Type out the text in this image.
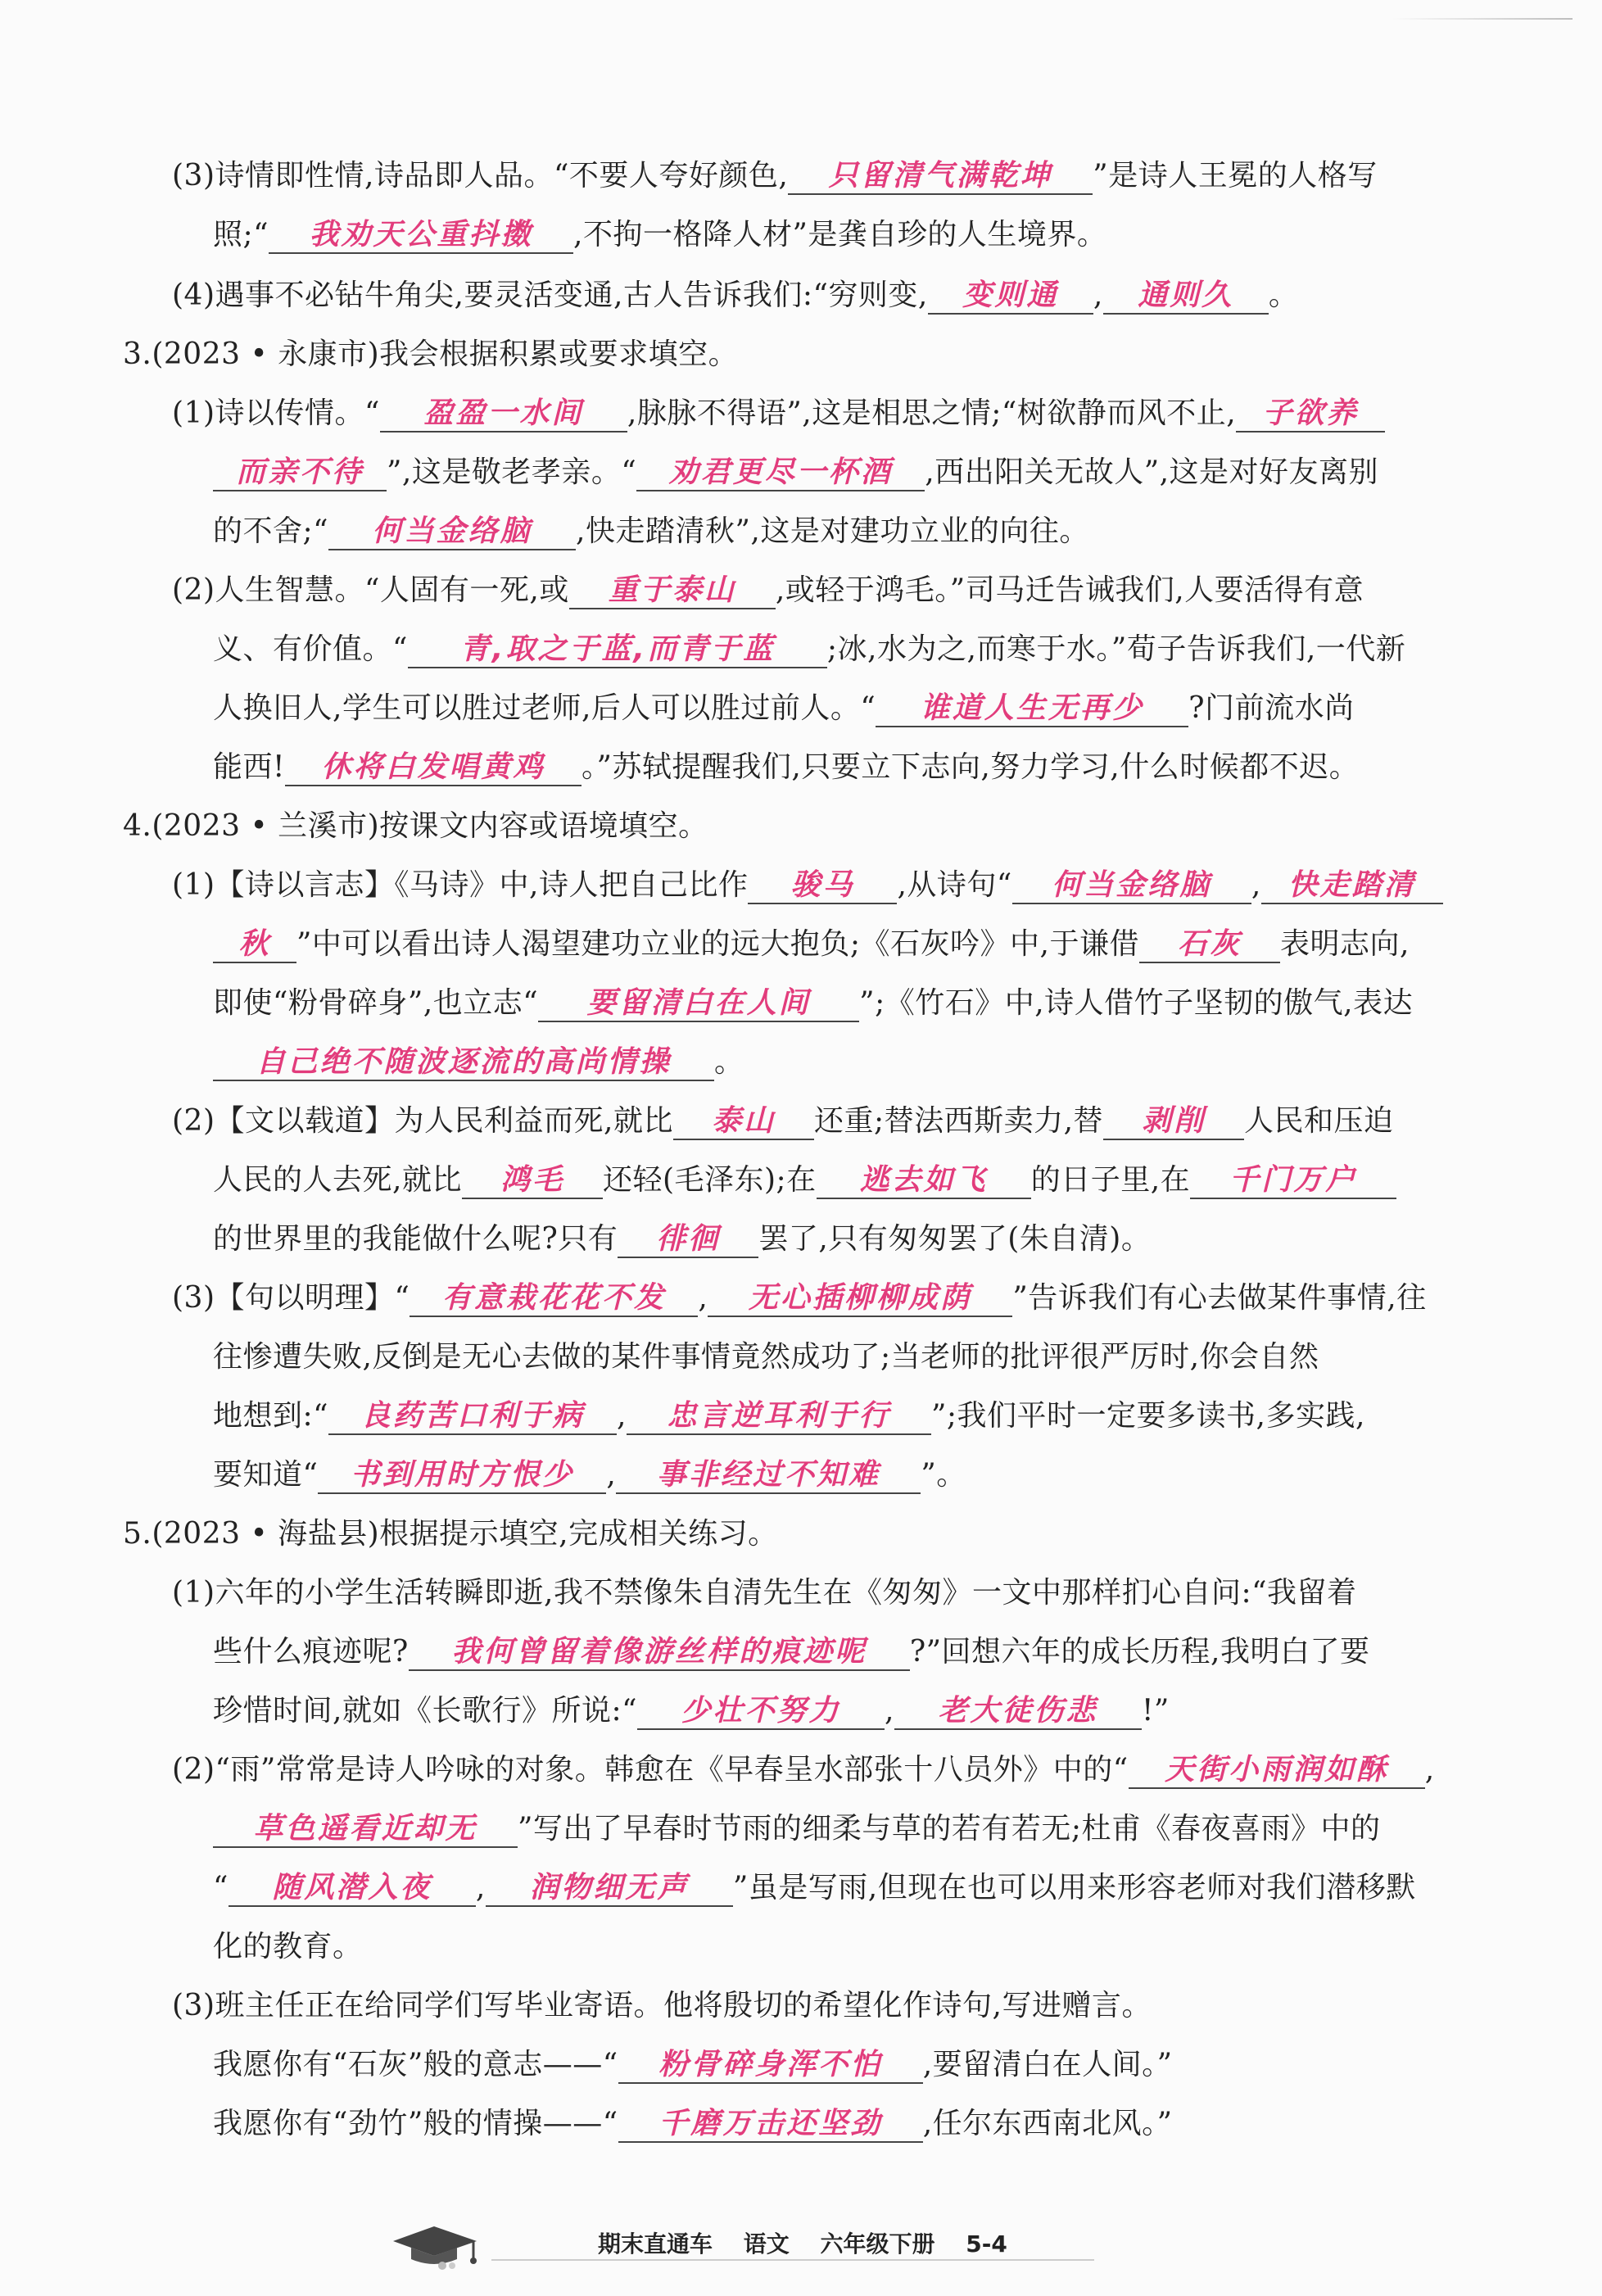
(3)诗情即性情,诗品即人品。“不要人夸好颜色, 只留清气满乾坤 ”是诗人王冕的人格写
照;“ 我劝天公重抖擞 ,不拘一格降人材”是龚自珍的人生境界。
(4)遇事不必钻牛角尖,要灵活变通,古人告诉我们:“穷则变, 变则通 , 通则久 。
3.(2023 • 永康市)我会根据积累或要求填空。
(1)诗以传情。“ 盈盈一水间 ,脉脉不得语”,这是相思之情;“树欲静而风不止, 子欲养
而亲不待 ”,这是敬老孝亲。“ 劝君更尽一杯酒 ,西出阳关无故人”,这是对好友离别
的不舍;“ 何当金络脑 ,快走踏清秋”,这是对建功立业的向往。
(2)人生智慧。“人固有一死,或 重于泰山 ,或轻于鸿毛。”司马迁告诫我们,人要活得有意
义、有价值。“ 青,取之于蓝,而青于蓝 ;冰,水为之,而寒于水。”荀子告诉我们,一代新
人换旧人,学生可以胜过老师,后人可以胜过前人。“ 谁道人生无再少 ?门前流水尚
能西! 休将白发唱黄鸡 。”苏轼提醒我们,只要立下志向,努力学习,什么时候都不迟。
4.(2023 • 兰溪市)按课文内容或语境填空。
(1)【诗以言志】《马诗》中,诗人把自己比作 骏马 ,从诗句“ 何当金络脑 , 快走踏清
秋 ”中可以看出诗人渴望建功立业的远大抱负;《石灰吟》中,于谦借 石灰 表明志向,
即使“粉骨碎身”,也立志“ 要留清白在人间 ”;《竹石》中,诗人借竹子坚韧的傲气,表达
自己绝不随波逐流的高尚情操 。
(2)【文以载道】为人民利益而死,就比 泰山 还重;替法西斯卖力,替 剥削 人民和压迫
人民的人去死,就比 鸿毛 还轻(毛泽东);在 逃去如飞 的日子里,在 千门万户
的世界里的我能做什么呢?只有 徘徊 罢了,只有匆匆罢了(朱自清)。
(3)【句以明理】“ 有意栽花花不发 , 无心插柳柳成荫 ”告诉我们有心去做某件事情,往
往惨遭失败,反倒是无心去做的某件事情竟然成功了;当老师的批评很严厉时,你会自然
地想到:“ 良药苦口利于病 , 忠言逆耳利于行 ”;我们平时一定要多读书,多实践,
要知道“ 书到用时方恨少 , 事非经过不知难 ”。
5.(2023 • 海盐县)根据提示填空,完成相关练习。
(1)六年的小学生活转瞬即逝,我不禁像朱自清先生在《匆匆》一文中那样扪心自问:“我留着
些什么痕迹呢? 我何曾留着像游丝样的痕迹呢 ?”回想六年的成长历程,我明白了要
珍惜时间,就如《长歌行》所说:“ 少壮不努力 , 老大徒伤悲 !”
(2)“雨”常常是诗人吟咏的对象。韩愈在《早春呈水部张十八员外》中的“ 天街小雨润如酥 ,
草色遥看近却无 ”写出了早春时节雨的细柔与草的若有若无;杜甫《春夜喜雨》中的
“ 随风潜入夜 , 润物细无声 ”虽是写雨,但现在也可以用来形容老师对我们潜移默
化的教育。
(3)班主任正在给同学们写毕业寄语。他将殷切的希望化作诗句,写进赠言。
我愿你有“石灰”般的意志——“ 粉骨碎身浑不怕 ,要留清白在人间。”
我愿你有“劲竹”般的情操——“ 千磨万击还坚劲 ,任尔东西南北风。”
期末直通车 语文 六年级下册 5-4
